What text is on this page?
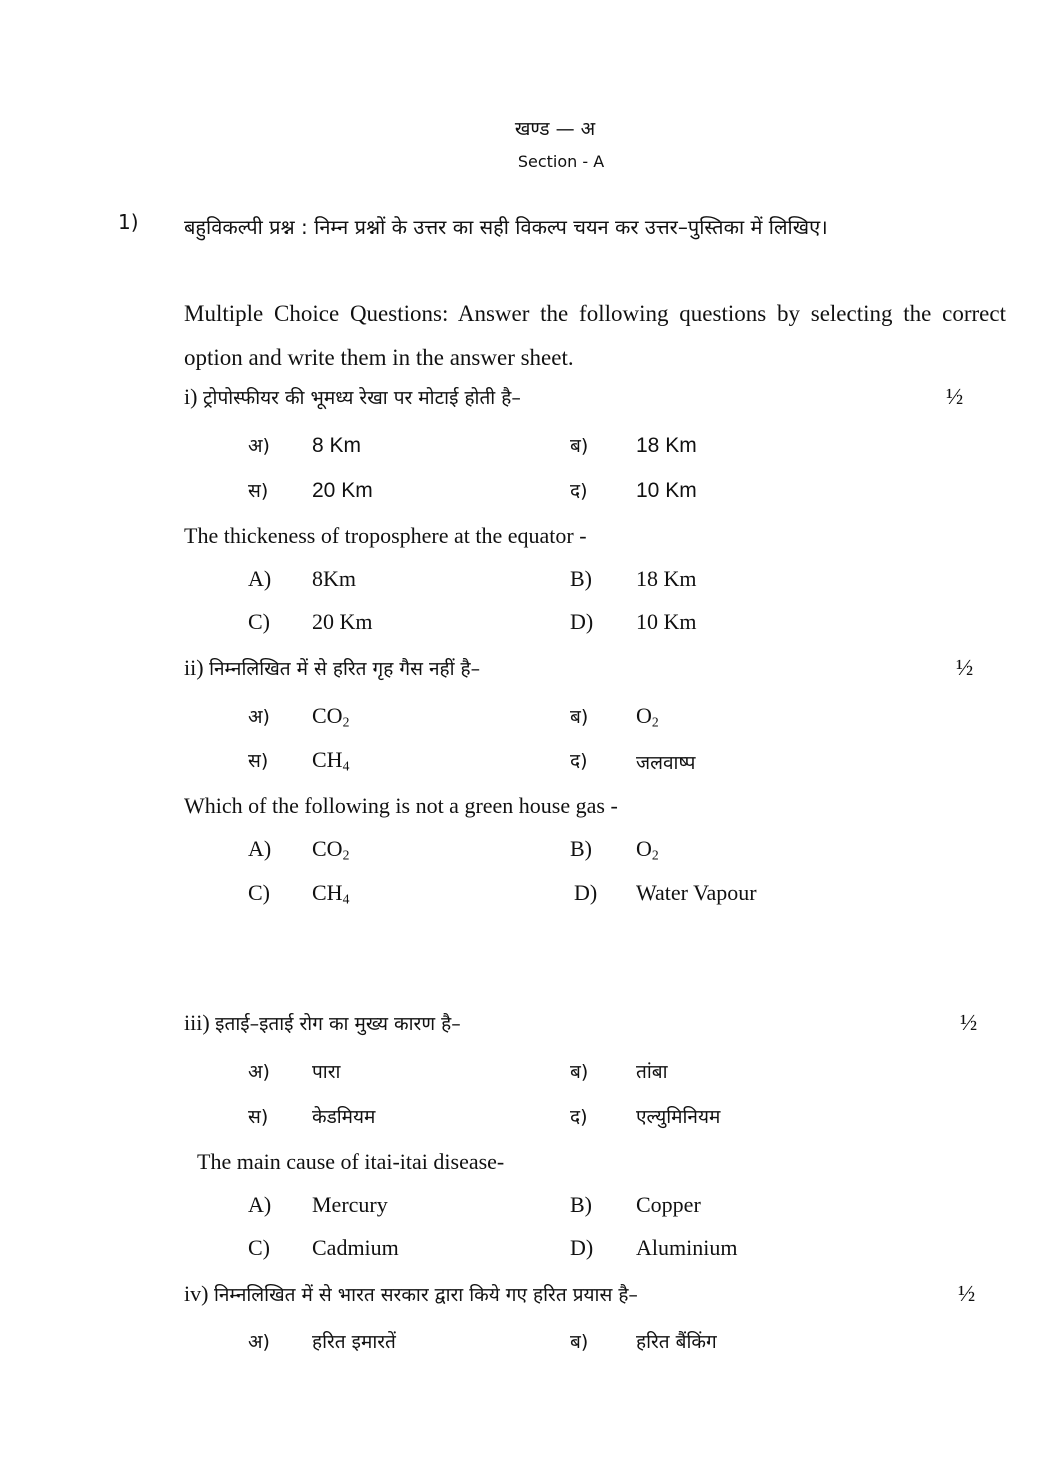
खण्ड — अ
Section - A
1) बहुविकल्पी प्रश्न : निम्न प्रश्नों के उत्तर का सही विकल्प चयन कर उत्तर–पुस्तिका में लिखिए।
Multiple Choice Questions: Answer the following questions by selecting the correct option and write them in the answer sheet.
i) ट्रोपोस्फीयर की भूमध्य रेखा पर मोटाई होती है–	½
अ) 8 Km	ब) 18 Km
स) 20 Km	द) 10 Km
The thickeness of troposphere at the equator -
A) 8Km	B) 18 Km
C) 20 Km	D) 10 Km
ii) निम्नलिखित में से हरित गृह गैस नहीं है–	½
अ) $CO_2$	ब) $O_2$
स) $CH_4$	द)	जलवाष्प
Which of the following is not a green house gas -
A) $CO_2$	B) $O_2$
C) $CH_4$	D) Water Vapour
iii) इताई–इताई रोग का मुख्य कारण है–	½
अ) पारा	ब)	तांबा
स) केडमियम	द)	एल्युमिनियम
The main cause of itai-itai disease-
A) Mercury	B) Copper
C) Cadmium	D) Aluminium
iv) निम्नलिखित में से भारत सरकार द्वारा किये गए हरित प्रयास है–	½
अ) हरित इमारतें	ब)	हरित बैंकिंग
